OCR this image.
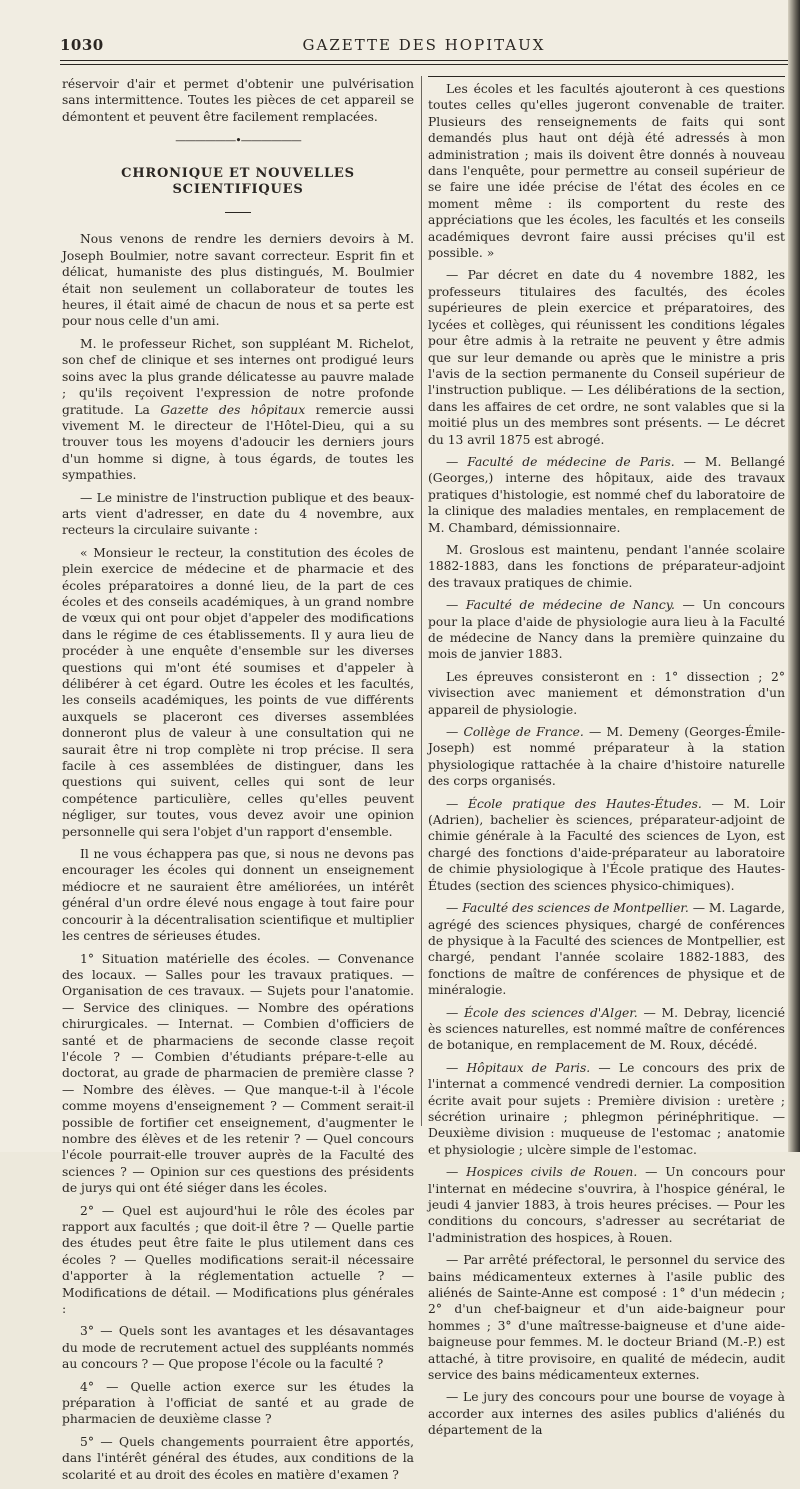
1030	GAZETTE DES HOPITAUX

réservoir d'air et permet d'obtenir une pulvérisation sans intermittence. Toutes les pièces de cet appareil se démontent et peuvent être facilement remplacées.

——————•——————
CHRONIQUE ET NOUVELLES SCIENTIFIQUES

Nous venons de rendre les derniers devoirs à M. Joseph Boulmier, notre savant correcteur. Esprit fin et délicat, humaniste des plus distingués, M. Boulmier était non seulement un collaborateur de toutes les heures, il était aimé de chacun de nous et sa perte est pour nous celle d'un ami.

M. le professeur Richet, son suppléant M. Richelot, son chef de clinique et ses internes ont prodigué leurs soins avec la plus grande délicatesse au pauvre malade ; qu'ils reçoivent l'expression de notre profonde gratitude. La Gazette des hôpitaux remercie aussi vivement M. le directeur de l'Hôtel-Dieu, qui a su trouver tous les moyens d'adoucir les derniers jours d'un homme si digne, à tous égards, de toutes les sympathies.

— Le ministre de l'instruction publique et des beaux-arts vient d'adresser, en date du 4 novembre, aux recteurs la circulaire suivante :

« Monsieur le recteur, la constitution des écoles de plein exercice de médecine et de pharmacie et des écoles préparatoires a donné lieu, de la part de ces écoles et des conseils académiques, à un grand nombre de vœux qui ont pour objet d'appeler des modifications dans le régime de ces établissements. Il y aura lieu de procéder à une enquête d'ensemble sur les diverses questions qui m'ont été soumises et d'appeler à délibérer à cet égard. Outre les écoles et les facultés, les conseils académiques, les points de vue différents auxquels se placeront ces diverses assemblées donneront plus de valeur à une consultation qui ne saurait être ni trop complète ni trop précise. Il sera facile à ces assemblées de distinguer, dans les questions qui suivent, celles qui sont de leur compétence particulière, celles qu'elles peuvent négliger, sur toutes, vous devez avoir une opinion personnelle qui sera l'objet d'un rapport d'ensemble.

Il ne vous échappera pas que, si nous ne devons pas encourager les écoles qui donnent un enseignement médiocre et ne sauraient être améliorées, un intérêt général d'un ordre élevé nous engage à tout faire pour concourir à la décentralisation scientifique et multiplier les centres de sérieuses études.

1° Situation matérielle des écoles. — Convenance des locaux. — Salles pour les travaux pratiques. — Organisation de ces travaux. — Sujets pour l'anatomie. — Service des cliniques. — Nombre des opérations chirurgicales. — Internat. — Combien d'officiers de santé et de pharmaciens de seconde classe reçoit l'école ? — Combien d'étudiants prépare-t-elle au doctorat, au grade de pharmacien de première classe ? — Nombre des élèves. — Que manque-t-il à l'école comme moyens d'enseignement ? — Comment serait-il possible de fortifier cet enseignement, d'augmenter le nombre des élèves et de les retenir ? — Quel concours l'école pourrait-elle trouver auprès de la Faculté des sciences ? — Opinion sur ces questions des présidents de jurys qui ont été siéger dans les écoles.

2° — Quel est aujourd'hui le rôle des écoles par rapport aux facultés ; que doit-il être ? — Quelle partie des études peut être faite le plus utilement dans ces écoles ? — Quelles modifications serait-il nécessaire d'apporter à la réglementation actuelle ? — Modifications de détail. — Modifications plus générales :

3° — Quels sont les avantages et les désavantages du mode de recrutement actuel des suppléants nommés au concours ? — Que propose l'école ou la faculté ?

4° — Quelle action exerce sur les études la préparation à l'officiat de santé et au grade de pharmacien de deuxième classe ?

5° — Quels changements pourraient être apportés, dans l'intérêt général des études, aux conditions de la scolarité et au droit des écoles en matière d'examen ?

Les écoles et les facultés ajouteront à ces questions toutes celles qu'elles jugeront convenable de traiter. Plusieurs des renseignements de faits qui sont demandés plus haut ont déjà été adressés à mon administration ; mais ils doivent être donnés à nouveau dans l'enquête, pour permettre au conseil supérieur de se faire une idée précise de l'état des écoles en ce moment même : ils comportent du reste des appréciations que les écoles, les facultés et les conseils académiques devront faire aussi précises qu'il est possible. »

— Par décret en date du 4 novembre 1882, les professeurs titulaires des facultés, des écoles supérieures de plein exercice et préparatoires, des lycées et collèges, qui réunissent les conditions légales pour être admis à la retraite ne peuvent y être admis que sur leur demande ou après que le ministre a pris l'avis de la section permanente du Conseil supérieur de l'instruction publique. — Les délibérations de la section, dans les affaires de cet ordre, ne sont valables que si la moitié plus un des membres sont présents. — Le décret du 13 avril 1875 est abrogé.

— Faculté de médecine de Paris. — M. Bellangé (Georges,) interne des hôpitaux, aide des travaux pratiques d'histologie, est nommé chef du laboratoire de la clinique des maladies mentales, en remplacement de M. Chambard, démissionnaire.

M. Groslous est maintenu, pendant l'année scolaire 1882-1883, dans les fonctions de préparateur-adjoint des travaux pratiques de chimie.

— Faculté de médecine de Nancy. — Un concours pour la place d'aide de physiologie aura lieu à la Faculté de médecine de Nancy dans la première quinzaine du mois de janvier 1883.

Les épreuves consisteront en : 1° dissection ; 2° vivisection avec maniement et démonstration d'un appareil de physiologie.

— Collège de France. — M. Demeny (Georges-Émile-Joseph) est nommé préparateur à la station physiologique rattachée à la chaire d'histoire naturelle des corps organisés.

— École pratique des Hautes-Études. — M. Loir (Adrien), bachelier ès sciences, préparateur-adjoint de chimie générale à la Faculté des sciences de Lyon, est chargé des fonctions d'aide-préparateur au laboratoire de chimie physiologique à l'École pratique des Hautes-Études (section des sciences physico-chimiques).

— Faculté des sciences de Montpellier. — M. Lagarde, agrégé des sciences physiques, chargé de conférences de physique à la Faculté des sciences de Montpellier, est chargé, pendant l'année scolaire 1882-1883, des fonctions de maître de conférences de physique et de minéralogie.

— École des sciences d'Alger. — M. Debray, licencié ès sciences naturelles, est nommé maître de conférences de botanique, en remplacement de M. Roux, décédé.

— Hôpitaux de Paris. — Le concours des prix de l'internat a commencé vendredi dernier. La composition écrite avait pour sujets : Première division : uretère ; sécrétion urinaire ; phlegmon périnéphritique. — Deuxième division : muqueuse de l'estomac ; anatomie et physiologie ; ulcère simple de l'estomac.

— Hospices civils de Rouen. — Un concours pour l'internat en médecine s'ouvrira, à l'hospice général, le jeudi 4 janvier 1883, à trois heures précises. — Pour les conditions du concours, s'adresser au secrétariat de l'administration des hospices, à Rouen.

— Par arrêté préfectoral, le personnel du service des bains médicamenteux externes à l'asile public des aliénés de Sainte-Anne est composé : 1° d'un médecin ; 2° d'un chef-baigneur et d'un aide-baigneur pour hommes ; 3° d'une maîtresse-baigneuse et d'une aide-baigneuse pour femmes. M. le docteur Briand (M.-P.) est attaché, à titre provisoire, en qualité de médecin, audit service des bains médicamenteux externes.

— Le jury des concours pour une bourse de voyage à accorder aux internes des asiles publics d'aliénés du département de la
